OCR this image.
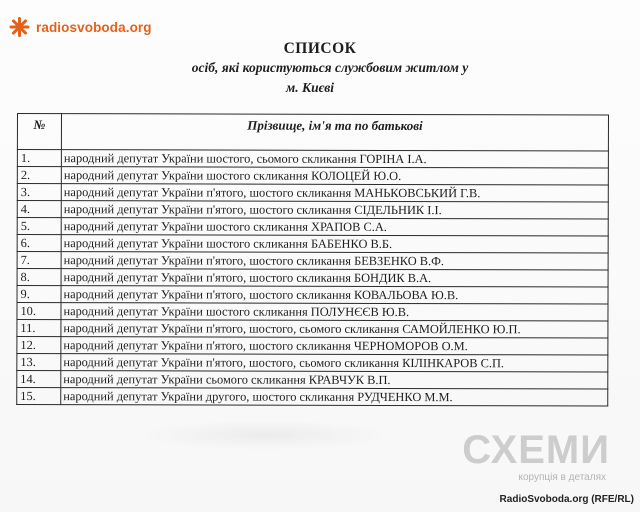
radiosvoboda.org
СПИСОК
осіб, які користуються службовим житлом у
м. Києві
№	Прізвище, ім'я та по батькові
1.	народний депутат України шостого, сьомого скликання ГОРІНА І.А.
2.	народний депутат України шостого скликання КОЛОЦЕЙ Ю.О.
3.	народний депутат України п'ятого, шостого скликання МАНЬКОВСЬКИЙ Г.В.
4.	народний депутат України п'ятого, шостого скликання СІДЕЛЬНИК І.І.
5.	народний депутат України шостого скликання ХРАПОВ С.А.
6.	народний депутат України шостого скликання БАБЕНКО В.Б.
7.	народний депутат України п'ятого, шостого скликання БЕВЗЕНКО В.Ф.
8.	народний депутат України п'ятого, шостого скликання БОНДИК В.А.
9.	народний депутат України п'ятого, шостого скликання КОВАЛЬОВА Ю.В.
10.	народний депутат України шостого скликання ПОЛУНЄЄВ Ю.В.
11.	народний депутат України п'ятого, шостого, сьомого скликання САМОЙЛЕНКО Ю.П.
12.	народний депутат України п'ятого, шостого скликання ЧЕРНОМОРОВ О.М.
13.	народний депутат України п'ятого, шостого, сьомого скликання КІЛІНКАРОВ С.П.
14.	народний депутат України сьомого скликання КРАВЧУК В.П.
15.	народний депутат України другого, шостого скликання РУДЧЕНКО М.М.
СХЕМИ
корупція в деталях
RadioSvoboda.org (RFE/RL)
